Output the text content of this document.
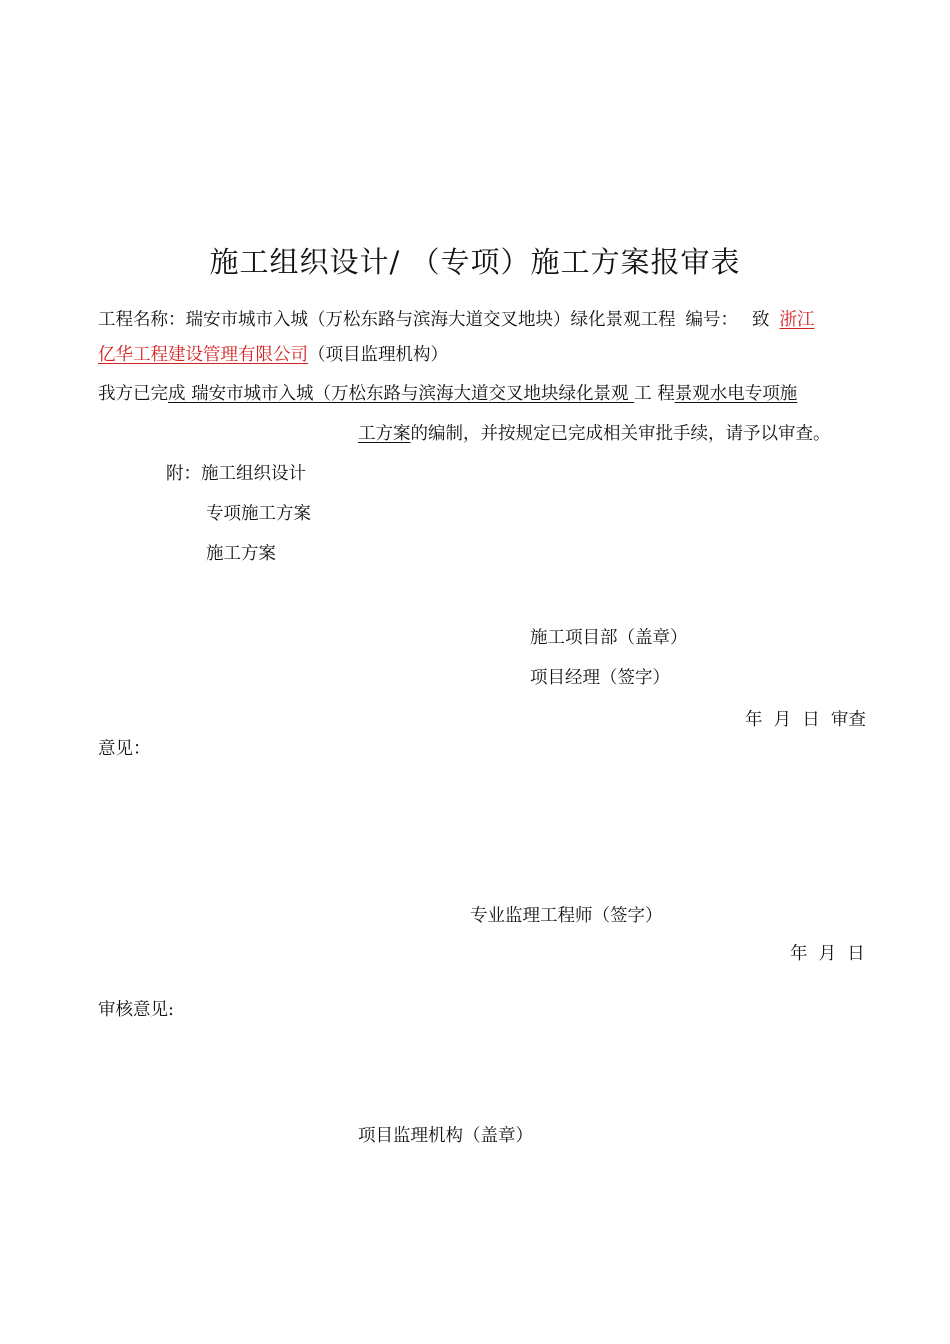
施工组织设计/ （专项）施工方案报审表
工程名称：瑞安市城市入城（万松东路与滨海大道交叉地块）绿化景观工程 编号： 致 浙江
亿华工程建设管理有限公司（项目监理机构）
我方已完成 瑞安市城市入城（万松东路与滨海大道交叉地块绿化景观 工 程景观水电专项施
工方案的编制，并按规定已完成相关审批手续，请予以审查。
附：施工组织设计
专项施工方案
施工方案
施工项目部（盖章）
项目经理（签字）
年  月  日  审查
意见：
专业监理工程师（签字）
年  月  日
审核意见:
项目监理机构（盖章）
